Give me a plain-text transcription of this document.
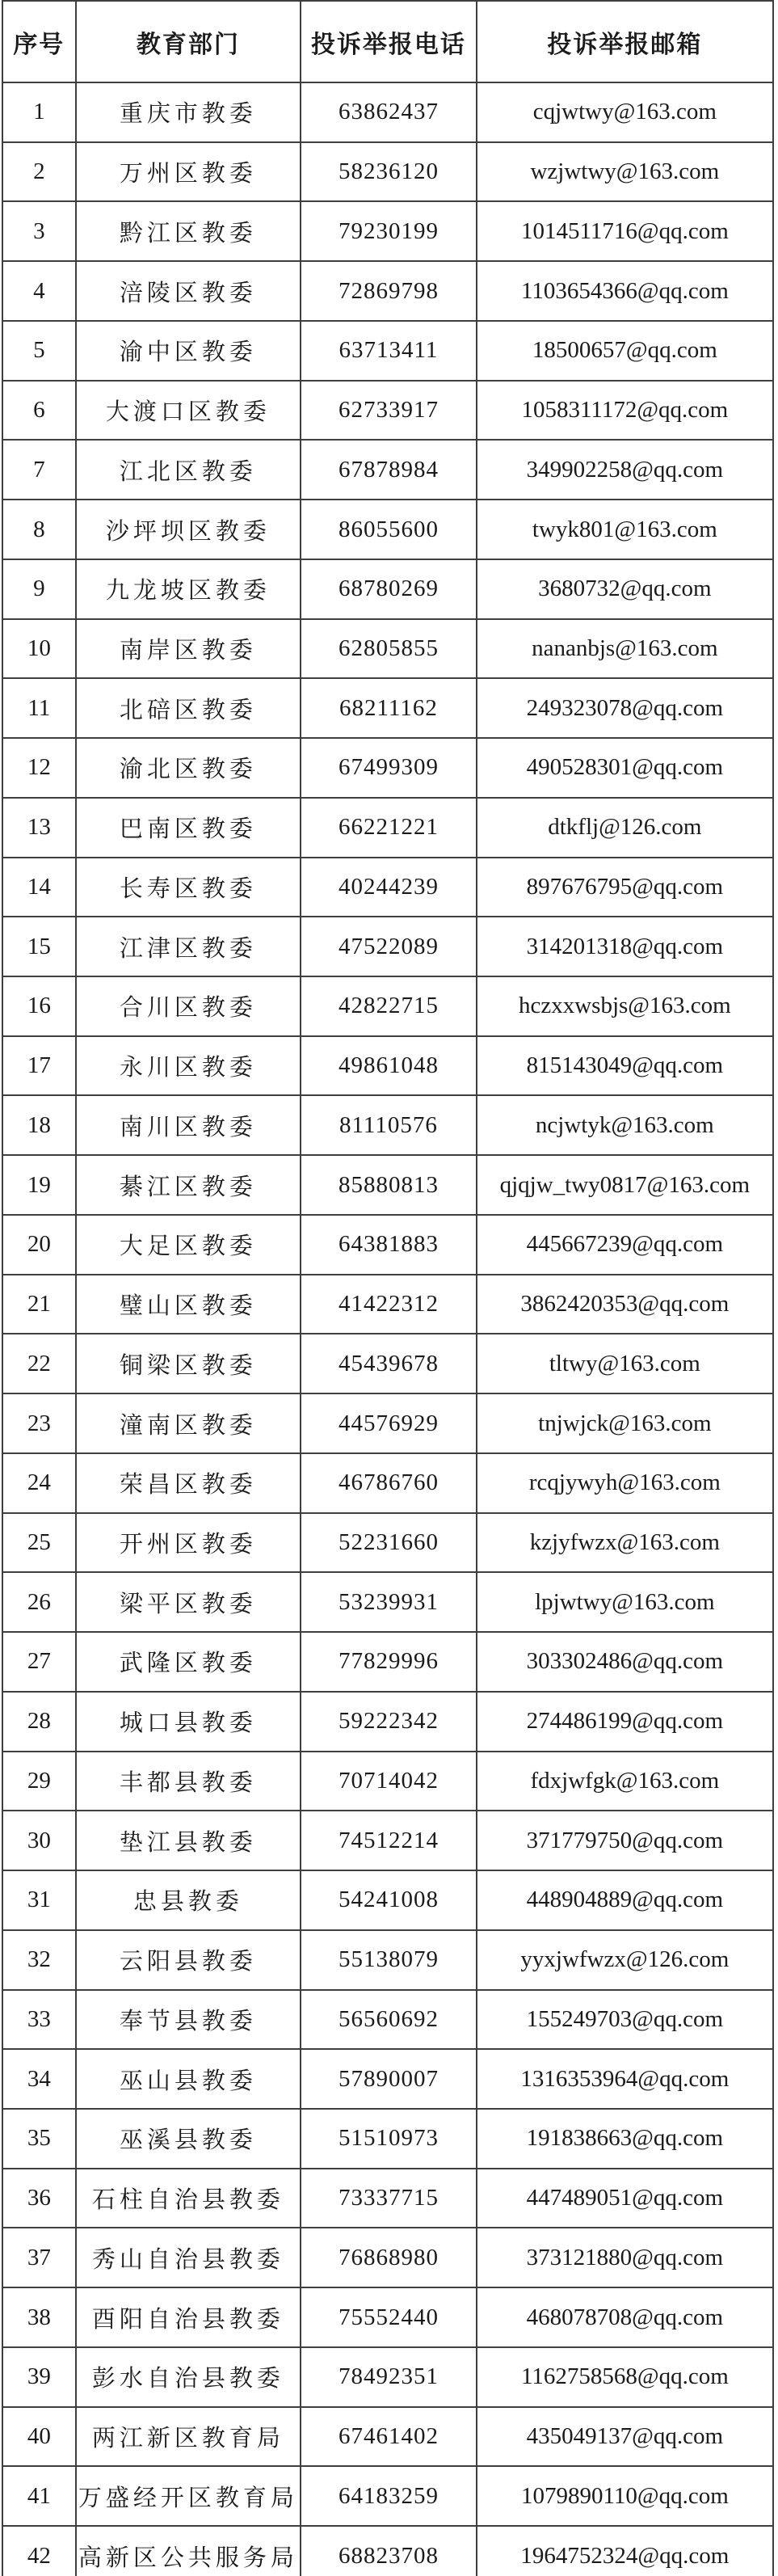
序号	教育部门	投诉举报电话	投诉举报邮箱
1	重庆市教委	63862437	cqjwtwy@163.com
2	万州区教委	58236120	wzjwtwy@163.com
3	黔江区教委	79230199	1014511716@qq.com
4	涪陵区教委	72869798	1103654366@qq.com
5	渝中区教委	63713411	18500657@qq.com
6	大渡口区教委	62733917	1058311172@qq.com
7	江北区教委	67878984	349902258@qq.com
8	沙坪坝区教委	86055600	twyk801@163.com
9	九龙坡区教委	68780269	3680732@qq.com
10	南岸区教委	62805855	nananbjs@163.com
11	北碚区教委	68211162	249323078@qq.com
12	渝北区教委	67499309	490528301@qq.com
13	巴南区教委	66221221	dtkflj@126.com
14	长寿区教委	40244239	897676795@qq.com
15	江津区教委	47522089	314201318@qq.com
16	合川区教委	42822715	hczxxwsbjs@163.com
17	永川区教委	49861048	815143049@qq.com
18	南川区教委	81110576	ncjwtyk@163.com
19	綦江区教委	85880813	qjqjw_twy0817@163.com
20	大足区教委	64381883	445667239@qq.com
21	璧山区教委	41422312	3862420353@qq.com
22	铜梁区教委	45439678	tltwy@163.com
23	潼南区教委	44576929	tnjwjck@163.com
24	荣昌区教委	46786760	rcqjywyh@163.com
25	开州区教委	52231660	kzjyfwzx@163.com
26	梁平区教委	53239931	lpjwtwy@163.com
27	武隆区教委	77829996	303302486@qq.com
28	城口县教委	59222342	274486199@qq.com
29	丰都县教委	70714042	fdxjwfgk@163.com
30	垫江县教委	74512214	371779750@qq.com
31	忠县教委	54241008	448904889@qq.com
32	云阳县教委	55138079	yyxjwfwzx@126.com
33	奉节县教委	56560692	155249703@qq.com
34	巫山县教委	57890007	1316353964@qq.com
35	巫溪县教委	51510973	191838663@qq.com
36	石柱自治县教委	73337715	447489051@qq.com
37	秀山自治县教委	76868980	373121880@qq.com
38	酉阳自治县教委	75552440	468078708@qq.com
39	彭水自治县教委	78492351	1162758568@qq.com
40	两江新区教育局	67461402	435049137@qq.com
41	万盛经开区教育局	64183259	1079890110@qq.com
42	高新区公共服务局	68823708	1964752324@qq.com
